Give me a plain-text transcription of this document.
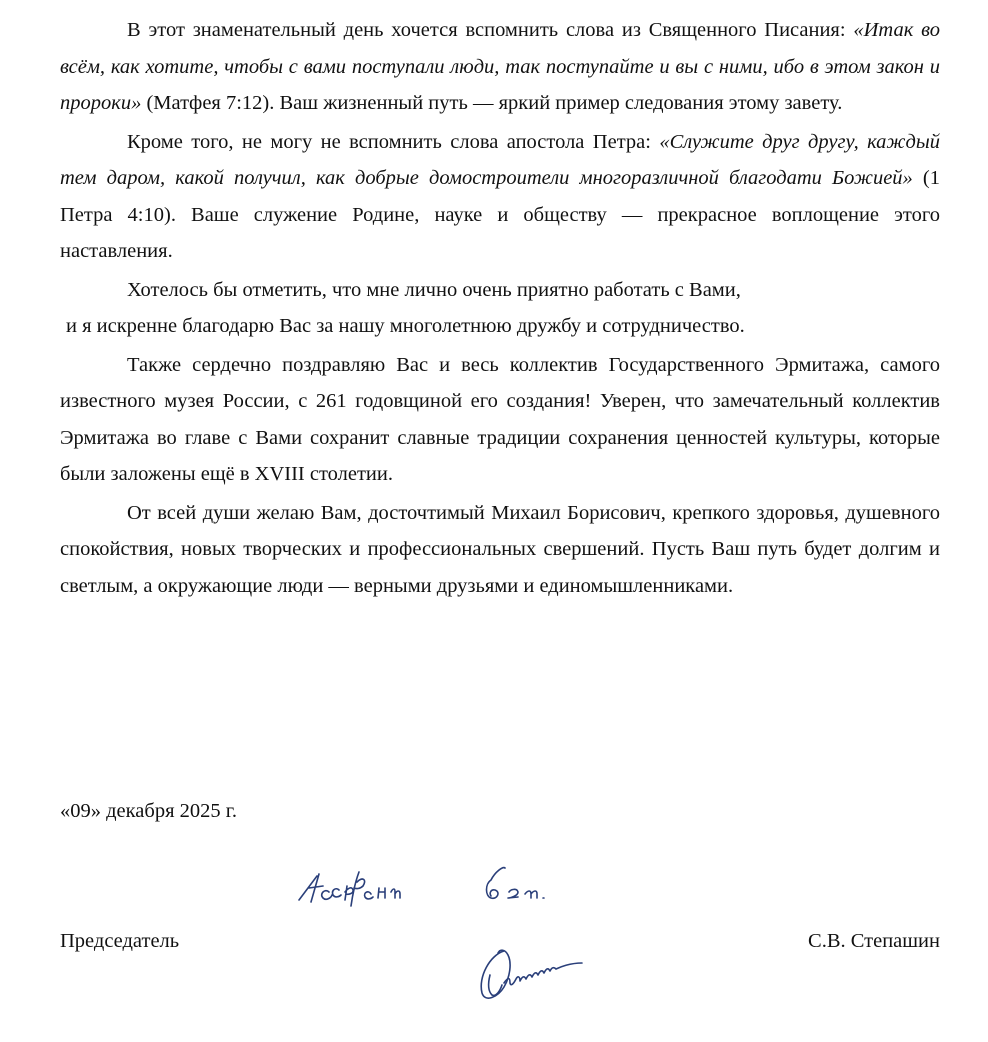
В этот знаменательный день хочется вспомнить слова из Священного Писания: «Итак во всём, как хотите, чтобы с вами поступали люди, так поступайте и вы с ними, ибо в этом закон и пророки» (Матфея 7:12). Ваш жизненный путь — яркий пример следования этому завету.

Кроме того, не могу не вспомнить слова апостола Петра: «Служите друг другу, каждый тем даром, какой получил, как добрые домостроители многоразличной благодати Божией» (1 Петра 4:10). Ваше служение Родине, науке и обществу — прекрасное воплощение этого наставления.

Хотелось бы отметить, что мне лично очень приятно работать с Вами,
и я искренне благодарю Вас за нашу многолетнюю дружбу и сотрудничество.

Также сердечно поздравляю Вас и весь коллектив Государственного Эрмитажа, самого известного музея России, с 261 годовщиной его создания! Уверен, что замечательный коллектив Эрмитажа во главе с Вами сохранит славные традиции сохранения ценностей культуры, которые были заложены ещё в XVIII столетии.

От всей души желаю Вам, досточтимый Михаил Борисович, крепкого здоровья, душевного спокойствия, новых творческих и профессиональных свершений. Пусть Ваш путь будет долгим и светлым, а окружающие люди — верными друзьями и единомышленниками.

«09» декабря 2025 г.
Председатель	С.В. Степашин
